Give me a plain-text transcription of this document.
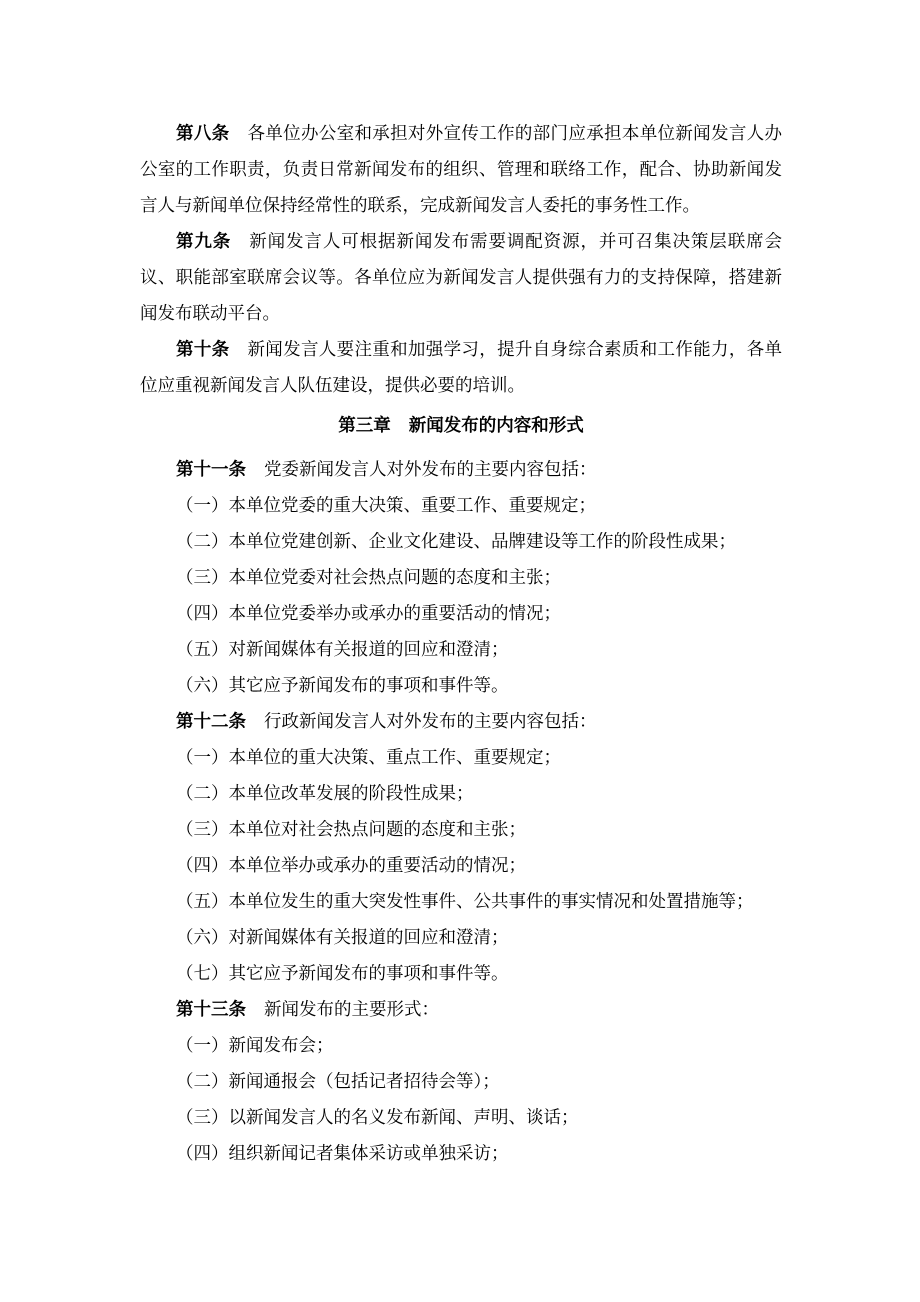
第八条 各单位办公室和承担对外宣传工作的部门应承担本单位新闻发言人办公室的工作职责，负责日常新闻发布的组织、管理和联络工作，配合、协助新闻发言人与新闻单位保持经常性的联系，完成新闻发言人委托的事务性工作。

第九条 新闻发言人可根据新闻发布需要调配资源，并可召集决策层联席会议、职能部室联席会议等。各单位应为新闻发言人提供强有力的支持保障，搭建新闻发布联动平台。

第十条 新闻发言人要注重和加强学习，提升自身综合素质和工作能力，各单位应重视新闻发言人队伍建设，提供必要的培训。

第三章 新闻发布的内容和形式

第十一条 党委新闻发言人对外发布的主要内容包括：

（一）本单位党委的重大决策、重要工作、重要规定；

（二）本单位党建创新、企业文化建设、品牌建设等工作的阶段性成果；

（三）本单位党委对社会热点问题的态度和主张；

（四）本单位党委举办或承办的重要活动的情况；

（五）对新闻媒体有关报道的回应和澄清；

（六）其它应予新闻发布的事项和事件等。

第十二条 行政新闻发言人对外发布的主要内容包括：

（一）本单位的重大决策、重点工作、重要规定；

（二）本单位改革发展的阶段性成果；

（三）本单位对社会热点问题的态度和主张；

（四）本单位举办或承办的重要活动的情况；

（五）本单位发生的重大突发性事件、公共事件的事实情况和处置措施等；

（六）对新闻媒体有关报道的回应和澄清；

（七）其它应予新闻发布的事项和事件等。

第十三条 新闻发布的主要形式：

（一）新闻发布会；

（二）新闻通报会（包括记者招待会等）；

（三）以新闻发言人的名义发布新闻、声明、谈话；

（四）组织新闻记者集体采访或单独采访；
